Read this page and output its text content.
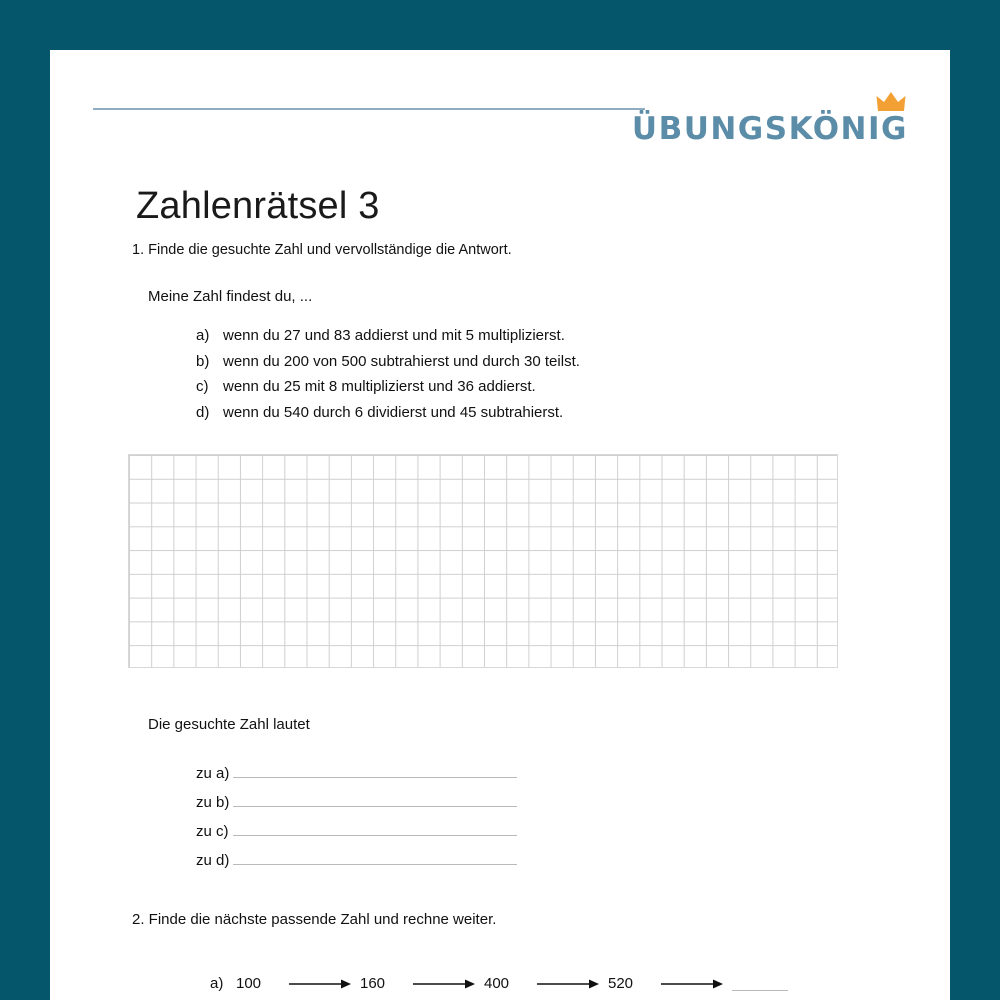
ÜBUNGSKÖNIG
Zahlenrätsel 3
1. Finde die gesuchte Zahl und vervollständige die Antwort.
Meine Zahl findest du, ...
a) wenn du 27 und 83 addierst und mit 5 multiplizierst.
b) wenn du 200 von 500 subtrahierst und durch 30 teilst.
c) wenn du 25 mit 8 multiplizierst und 36 addierst.
d) wenn du 540 durch 6 dividierst und 45 subtrahierst.
Die gesuchte Zahl lautet
zu a)
zu b)
zu c)
zu d)
2. Finde die nächste passende Zahl und rechne weiter.
a) 100	160	400	520
